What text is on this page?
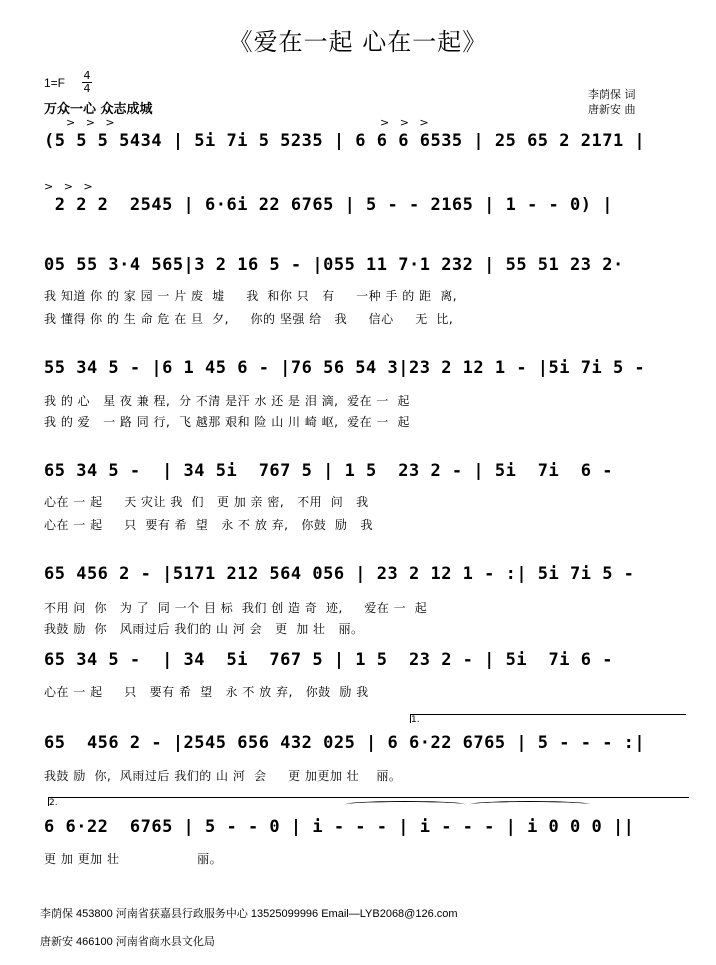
《爱在一起 心在一起》
1=F
4
4
万众一心 众志成城
李荫保 词
唐新安 曲
>   >   >	>   >   >
(5 5 5 5434 | 5i 7i 5 5235 | 6 6 6 6535 | 25 65 2 2171 |
>   >   >
2 2 2  2545 | 6·6i 22 6765 | 5 - - 2165 | 1 - - 0) |
05 55 3·4 565|3 2 16 5 - |055 11 7·1 232 | 55 51 23 2·
我 知道 你 的 家 园 一 片 废  墟     我  和你 只   有     一种 手 的 距  离,
我 懂得 你 的 生 命 危 在 旦  夕,     你的 坚强 给   我     信心     无  比,
55 34 5 - |6 1 45 6 - |76 56 54 3|23 2 12 1 - |5i 7i 5 -
我 的 心   星 夜 兼 程,  分 不清 是汗 水 还 是 泪 滴,  爱在 一  起
我 的 爱   一 路 同 行,  飞 越那 艰和 险 山 川 崎 岖,  爱在 一  起
65 34 5 -  | 34 5i  767 5 | 1 5  23 2 - | 5i  7i  6 -
心在 一 起     天 灾让 我  们   更 加 亲 密,   不用  问   我
心在 一 起     只  要有 希  望   永 不 放 弃,   你鼓  励   我
65 456 2 - |5171 212 564 056 | 23 2 12 1 - :| 5i 7i 5 -
不用 问  你   为 了  同 一个 目 标  我们 创 造 奇  迹,     爱在 一  起
我鼓 励  你   风雨过后 我们的 山 河 会   更  加 壮   丽。
65 34 5 -  | 34  5i  767 5 | 1 5  23 2 - | 5i  7i 6 -
心在 一 起     只   要有 希  望   永 不 放 弃,   你鼓  励 我
1.
65  456 2 - |2545 656 432 025 | 6 6·22 6765 | 5 - - - :|
我鼓 励  你,  风雨过后 我们的 山 河  会     更 加更加 壮    丽。
2.
6 6·22  6765 | 5 - - 0 | i - - - | i - - - | i 0 0 0 ||
更 加 更加 壮                  丽。
李荫保 453800 河南省获嘉县行政服务中心 13525099996 Email—LYB2068@126.com
唐新安 466100 河南省商水县文化局
